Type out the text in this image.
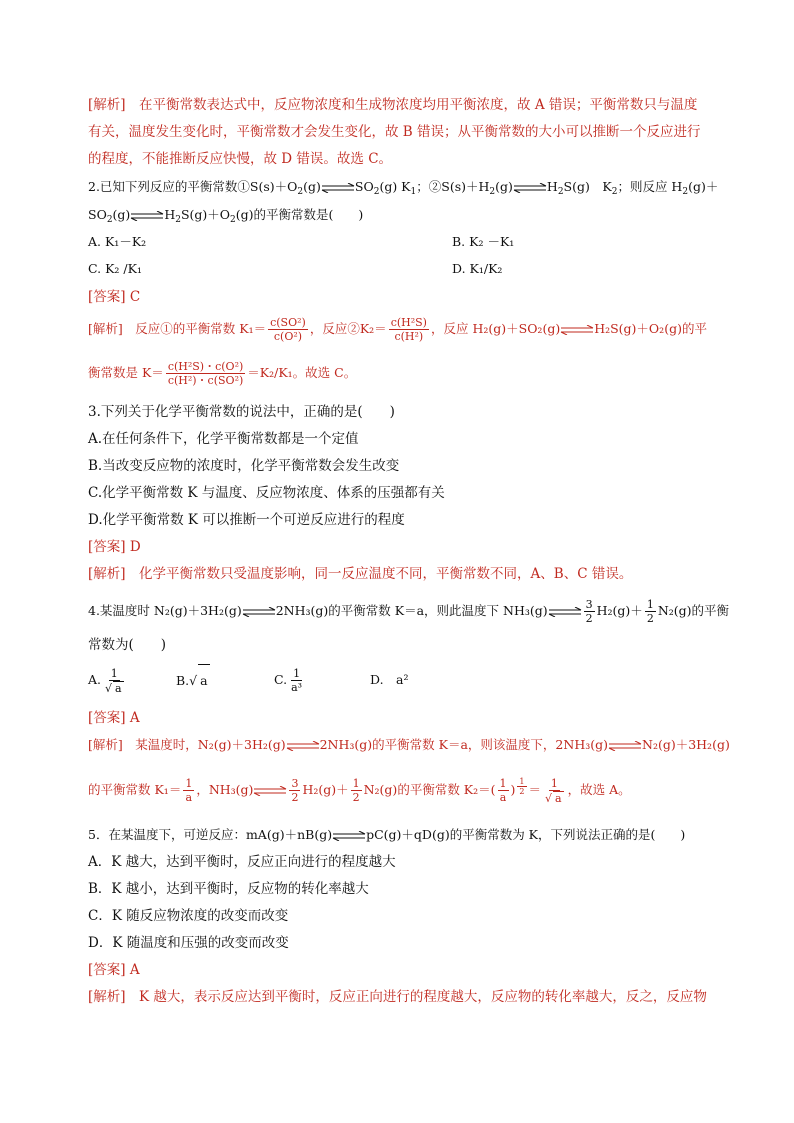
[解析]　 在平衡常数表达式中，反应物浓度和生成物浓度均用平衡浓度，故 A 错误；平衡常数只与温度
有关，温度发生变化时，平衡常数才会发生变化，故 B 错误；从平衡常数的大小可以推断一个反应进行
的程度，不能推断反应快慢，故 D 错误。故选 C。
2.已知下列反应的平衡常数$①S(s)+O_2(g)$	$SO_2(g)$ $K_1$；$②S(s)+H_2(g)$	$H_2S(g)$　$K_2$；则反应 $H_2(g)+$
$SO_2(g)$	$H_2S(g)+O_2(g)$的平衡常数是(　　)
A. K₁－K₂	B. K₂ －K₁
C. K₂ /K₁	D. K₁/K₂
[答案] C
[解析]　 反应①的平衡常数 $K_1= \frac{\text{c(SO²)}}{\text{c(O²)}}$ ，反应②K₂＝ $\frac{\text{c(H²S)}}{\text{c(H²)}}$ ，反应 H₂(g)＋SO₂(g)	H₂S(g)＋O₂(g)的平
衡常数是 $K= \frac{\text{c(H²S)・c(O²)}}{\text{c(H²)・c(SO²)}} =K_2/K_1$。故选 C。
3.下列关于化学平衡常数的说法中，正确的是(　　)
A.在任何条件下，化学平衡常数都是一个定值
B.当改变反应物的浓度时，化学平衡常数会发生改变
C.化学平衡常数 K 与温度、反应物浓度、体系的压强都有关
D.化学平衡常数 K 可以推断一个可逆反应进行的程度
[答案] D
[解析]　 化学平衡常数只受温度影响，同一反应温度不同，平衡常数不同，A、B、C 错误。
4.某温度时 N₂(g)＋3H₂(g)	2NH₃(g)的平衡常数 K＝a，则此温度下 NH₃(g)	$\frac{3}{2} H_2(g)+ \frac{1}{2} N_2(g)$的平衡
常数为(　　)
A. $\frac{1}{√ a}$	B.√ a	C. $\frac{1}{\text{a³}}$	D.　a²
[答案] A
[解析]　 某温度时，N₂(g)＋3H₂(g)	2NH₃(g)的平衡常数 K＝a，则该温度下，2NH₃(g)	N₂(g)＋3H₂(g)
的平衡常数 $K_1= \frac{1}{a}$ ，NH₃(g)	$\frac{3}{2} H_2(g)+ \frac{1}{2} N_2(g)$的平衡常数 $K_2=( \frac{1}{a}$ ) $^{\frac{1}{2}} = \frac{1}{√ a}$ ，故选 A。
5．在某温度下，可逆反应：mA(g)＋nB(g)	pC(g)＋qD(g)的平衡常数为 K，下列说法正确的是(　　)
A．K 越大，达到平衡时，反应正向进行的程度越大
B．K 越小，达到平衡时，反应物的转化率越大
C．K 随反应物浓度的改变而改变
D．K 随温度和压强的改变而改变
[答案] A
[解析]　 K 越大，表示反应达到平衡时，反应正向进行的程度越大，反应物的转化率越大，反之，反应物
